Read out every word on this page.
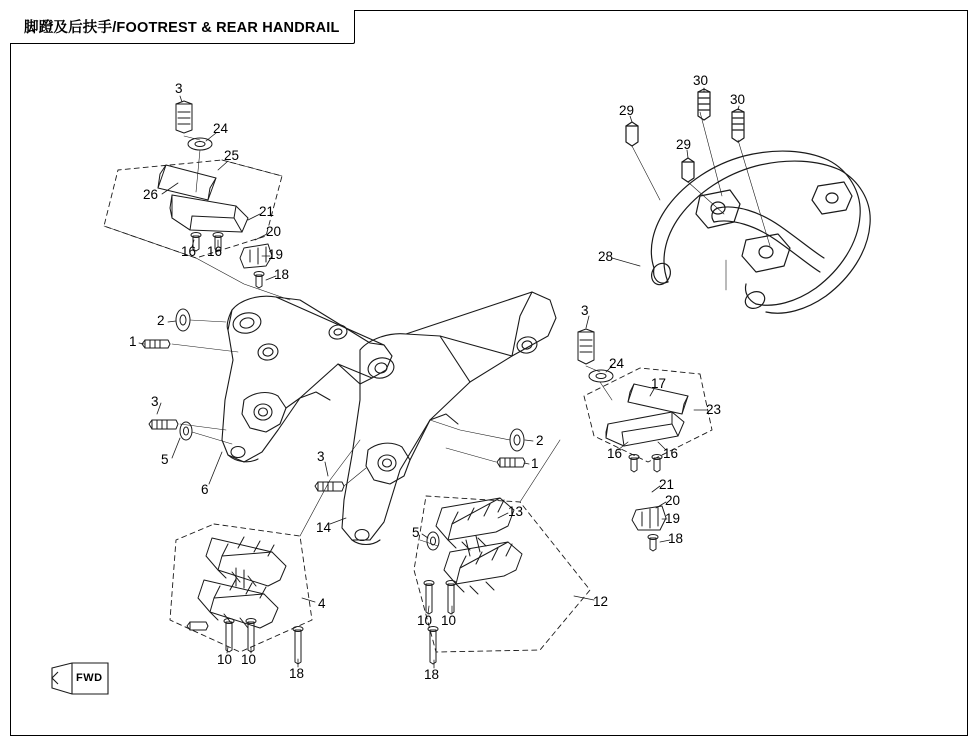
脚蹬及后扶手/FOOTREST & REAR HANDRAIL
FWD
3
24
25
26
21
20
19
18
16 16
2
1
3
5
6
3
14
4
10 10
18
2
1
3
24
17
23
16	16
21
20
19
18
13
5
12
10 10
18
29
29
30
30
28
